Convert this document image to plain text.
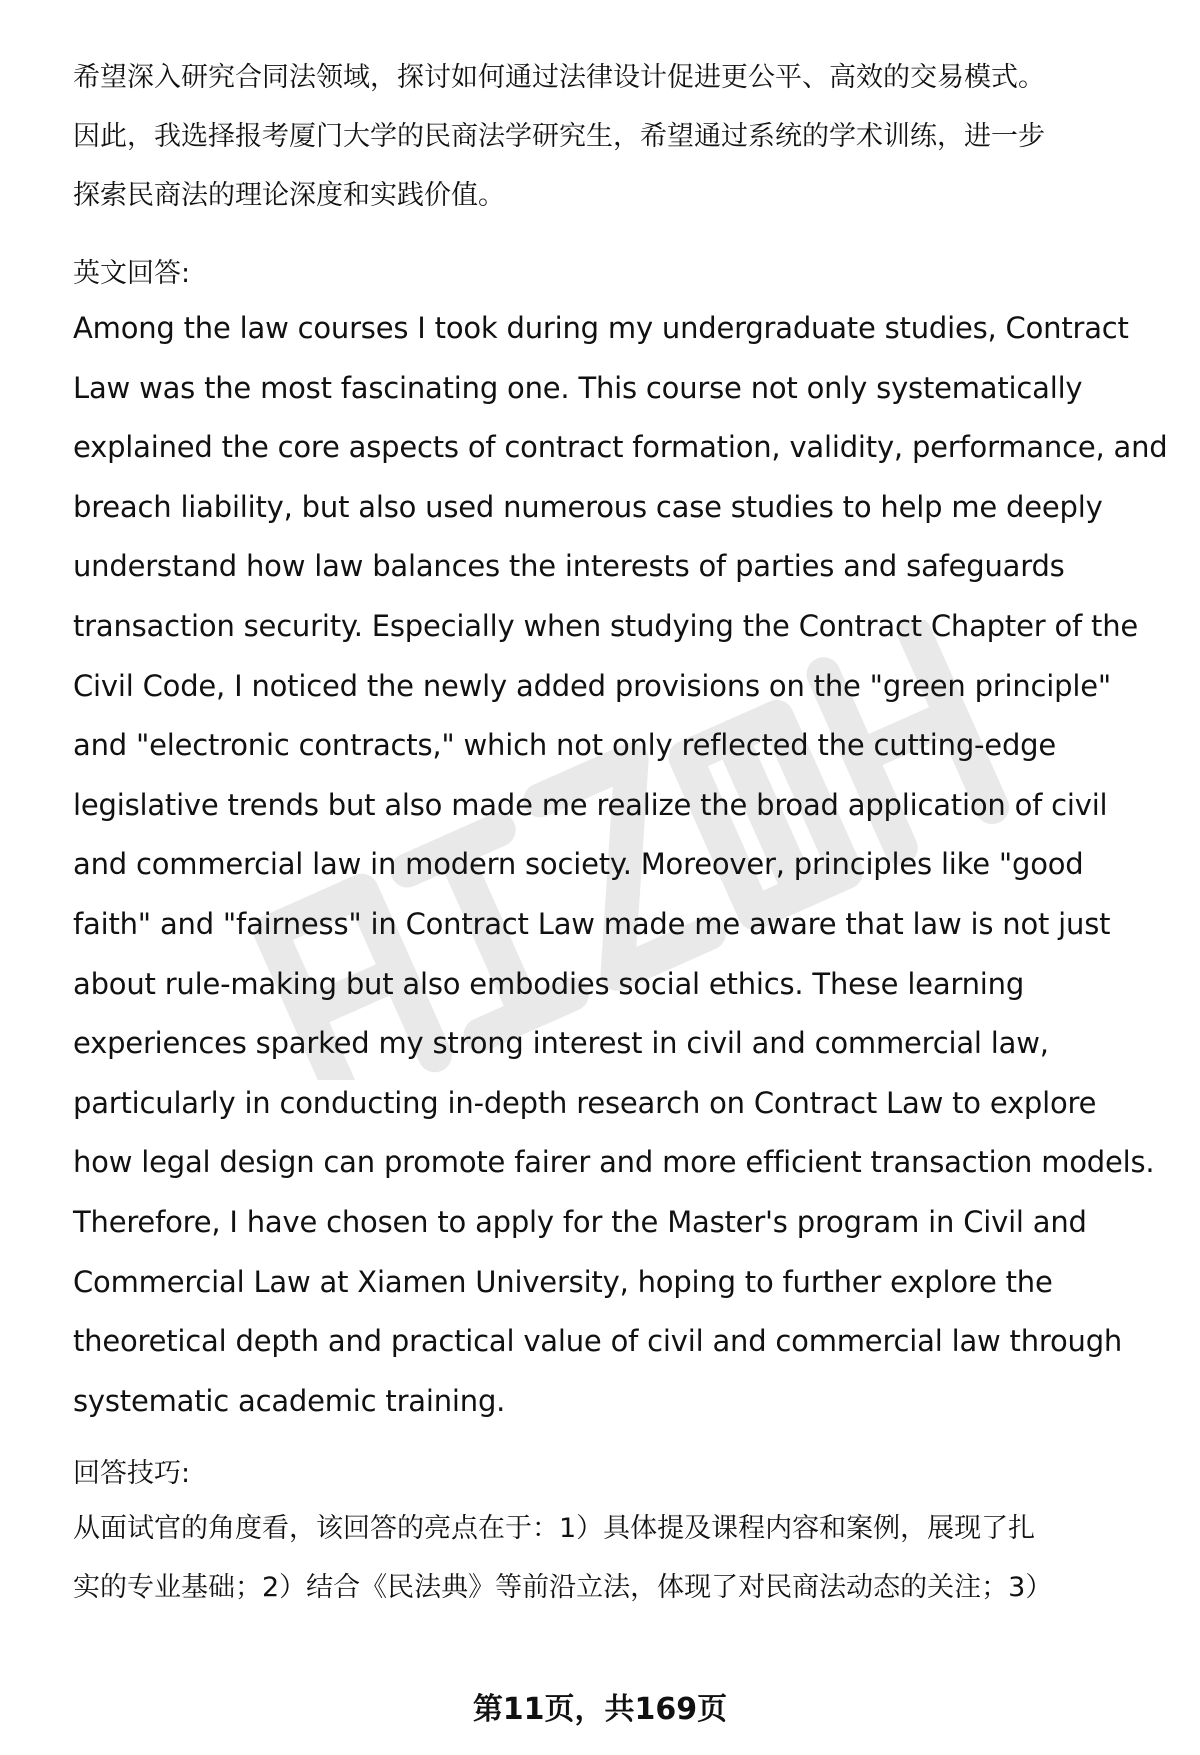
希望深入研究合同法领域，探讨如何通过法律设计促进更公平、高效的交易模式。
因此，我选择报考厦门大学的民商法学研究生，希望通过系统的学术训练，进一步
探索民商法的理论深度和实践价值。

英文回答:

Among the law courses I took during my undergraduate studies, Contract
Law was the most fascinating one. This course not only systematically
explained the core aspects of contract formation, validity, performance, and
breach liability, but also used numerous case studies to help me deeply
understand how law balances the interests of parties and safeguards
transaction security. Especially when studying the Contract Chapter of the
Civil Code, I noticed the newly added provisions on the "green principle"
and "electronic contracts," which not only reflected the cutting-edge
legislative trends but also made me realize the broad application of civil
and commercial law in modern society. Moreover, principles like "good
faith" and "fairness" in Contract Law made me aware that law is not just
about rule-making but also embodies social ethics. These learning
experiences sparked my strong interest in civil and commercial law,
particularly in conducting in-depth research on Contract Law to explore
how legal design can promote fairer and more efficient transaction models.
Therefore, I have chosen to apply for the Master's program in Civil and
Commercial Law at Xiamen University, hoping to further explore the
theoretical depth and practical value of civil and commercial law through
systematic academic training.

回答技巧:

从面试官的角度看，该回答的亮点在于：1）具体提及课程内容和案例，展现了扎
实的专业基础；2）结合《民法典》等前沿立法，体现了对民商法动态的关注；3）

第11页，共169页
